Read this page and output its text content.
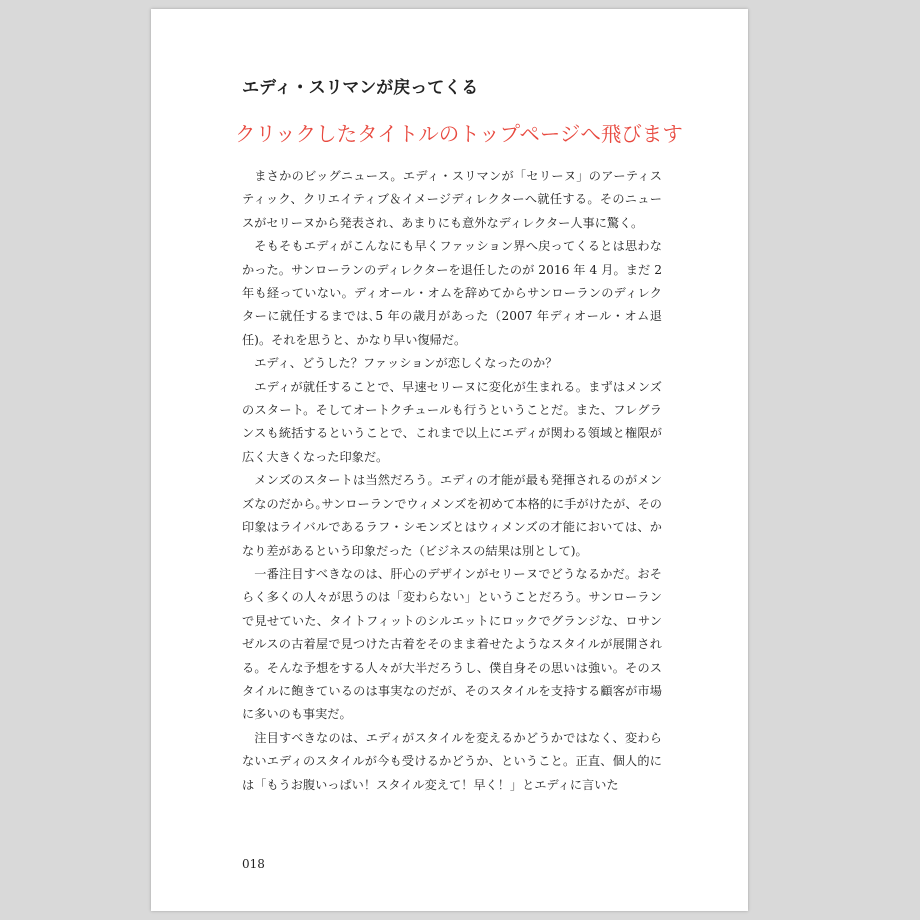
エディ・スリマンが戻ってくる
クリックしたタイトルのトップページへ飛びます

まさかのビッグニュース。エディ・スリマンが「セリーヌ」のアーティスティック、クリエイティブ＆イメージディレクターへ就任する。そのニュースがセリーヌから発表され、あまりにも意外なディレクター人事に驚く。

そもそもエディがこんなにも早くファッション界へ戻ってくるとは思わなかった。サンローランのディレクターを退任したのが 2016 年 4 月。まだ 2 年も経っていない。ディオール・オムを辞めてからサンローランのディレクターに就任するまでは､5 年の歳月があった（2007 年ディオール・オム退任)。それを思うと、かなり早い復帰だ。

エディ、どうした？ファッションが恋しくなったのか？

エディが就任することで、早速セリーヌに変化が生まれる。まずはメンズのスタート。そしてオートクチュールも行うということだ。また、フレグランスも統括するということで、これまで以上にエディが関わる領域と権限が広く大きくなった印象だ。

メンズのスタートは当然だろう。エディの才能が最も発揮されるのがメンズなのだから｡サンローランでウィメンズを初めて本格的に手がけたが、その印象はライバルであるラフ・シモンズとはウィメンズの才能においては、かなり差があるという印象だった（ビジネスの結果は別として)。

一番注目すべきなのは、肝心のデザインがセリーヌでどうなるかだ。おそらく多くの人々が思うのは「変わらない」ということだろう。サンローランで見せていた、タイトフィットのシルエットにロックでグランジな、ロサンゼルスの古着屋で見つけた古着をそのまま着せたようなスタイルが展開される。そんな予想をする人々が大半だろうし、僕自身その思いは強い。そのスタイルに飽きているのは事実なのだが、そのスタイルを支持する顧客が市場に多いのも事実だ。

注目すべきなのは、エディがスタイルを変えるかどうかではなく、変わらないエディのスタイルが今も受けるかどうか、ということ。正直、個人的には「もうお腹いっぱい！スタイル変えて！早く！」とエディに言いた

018
